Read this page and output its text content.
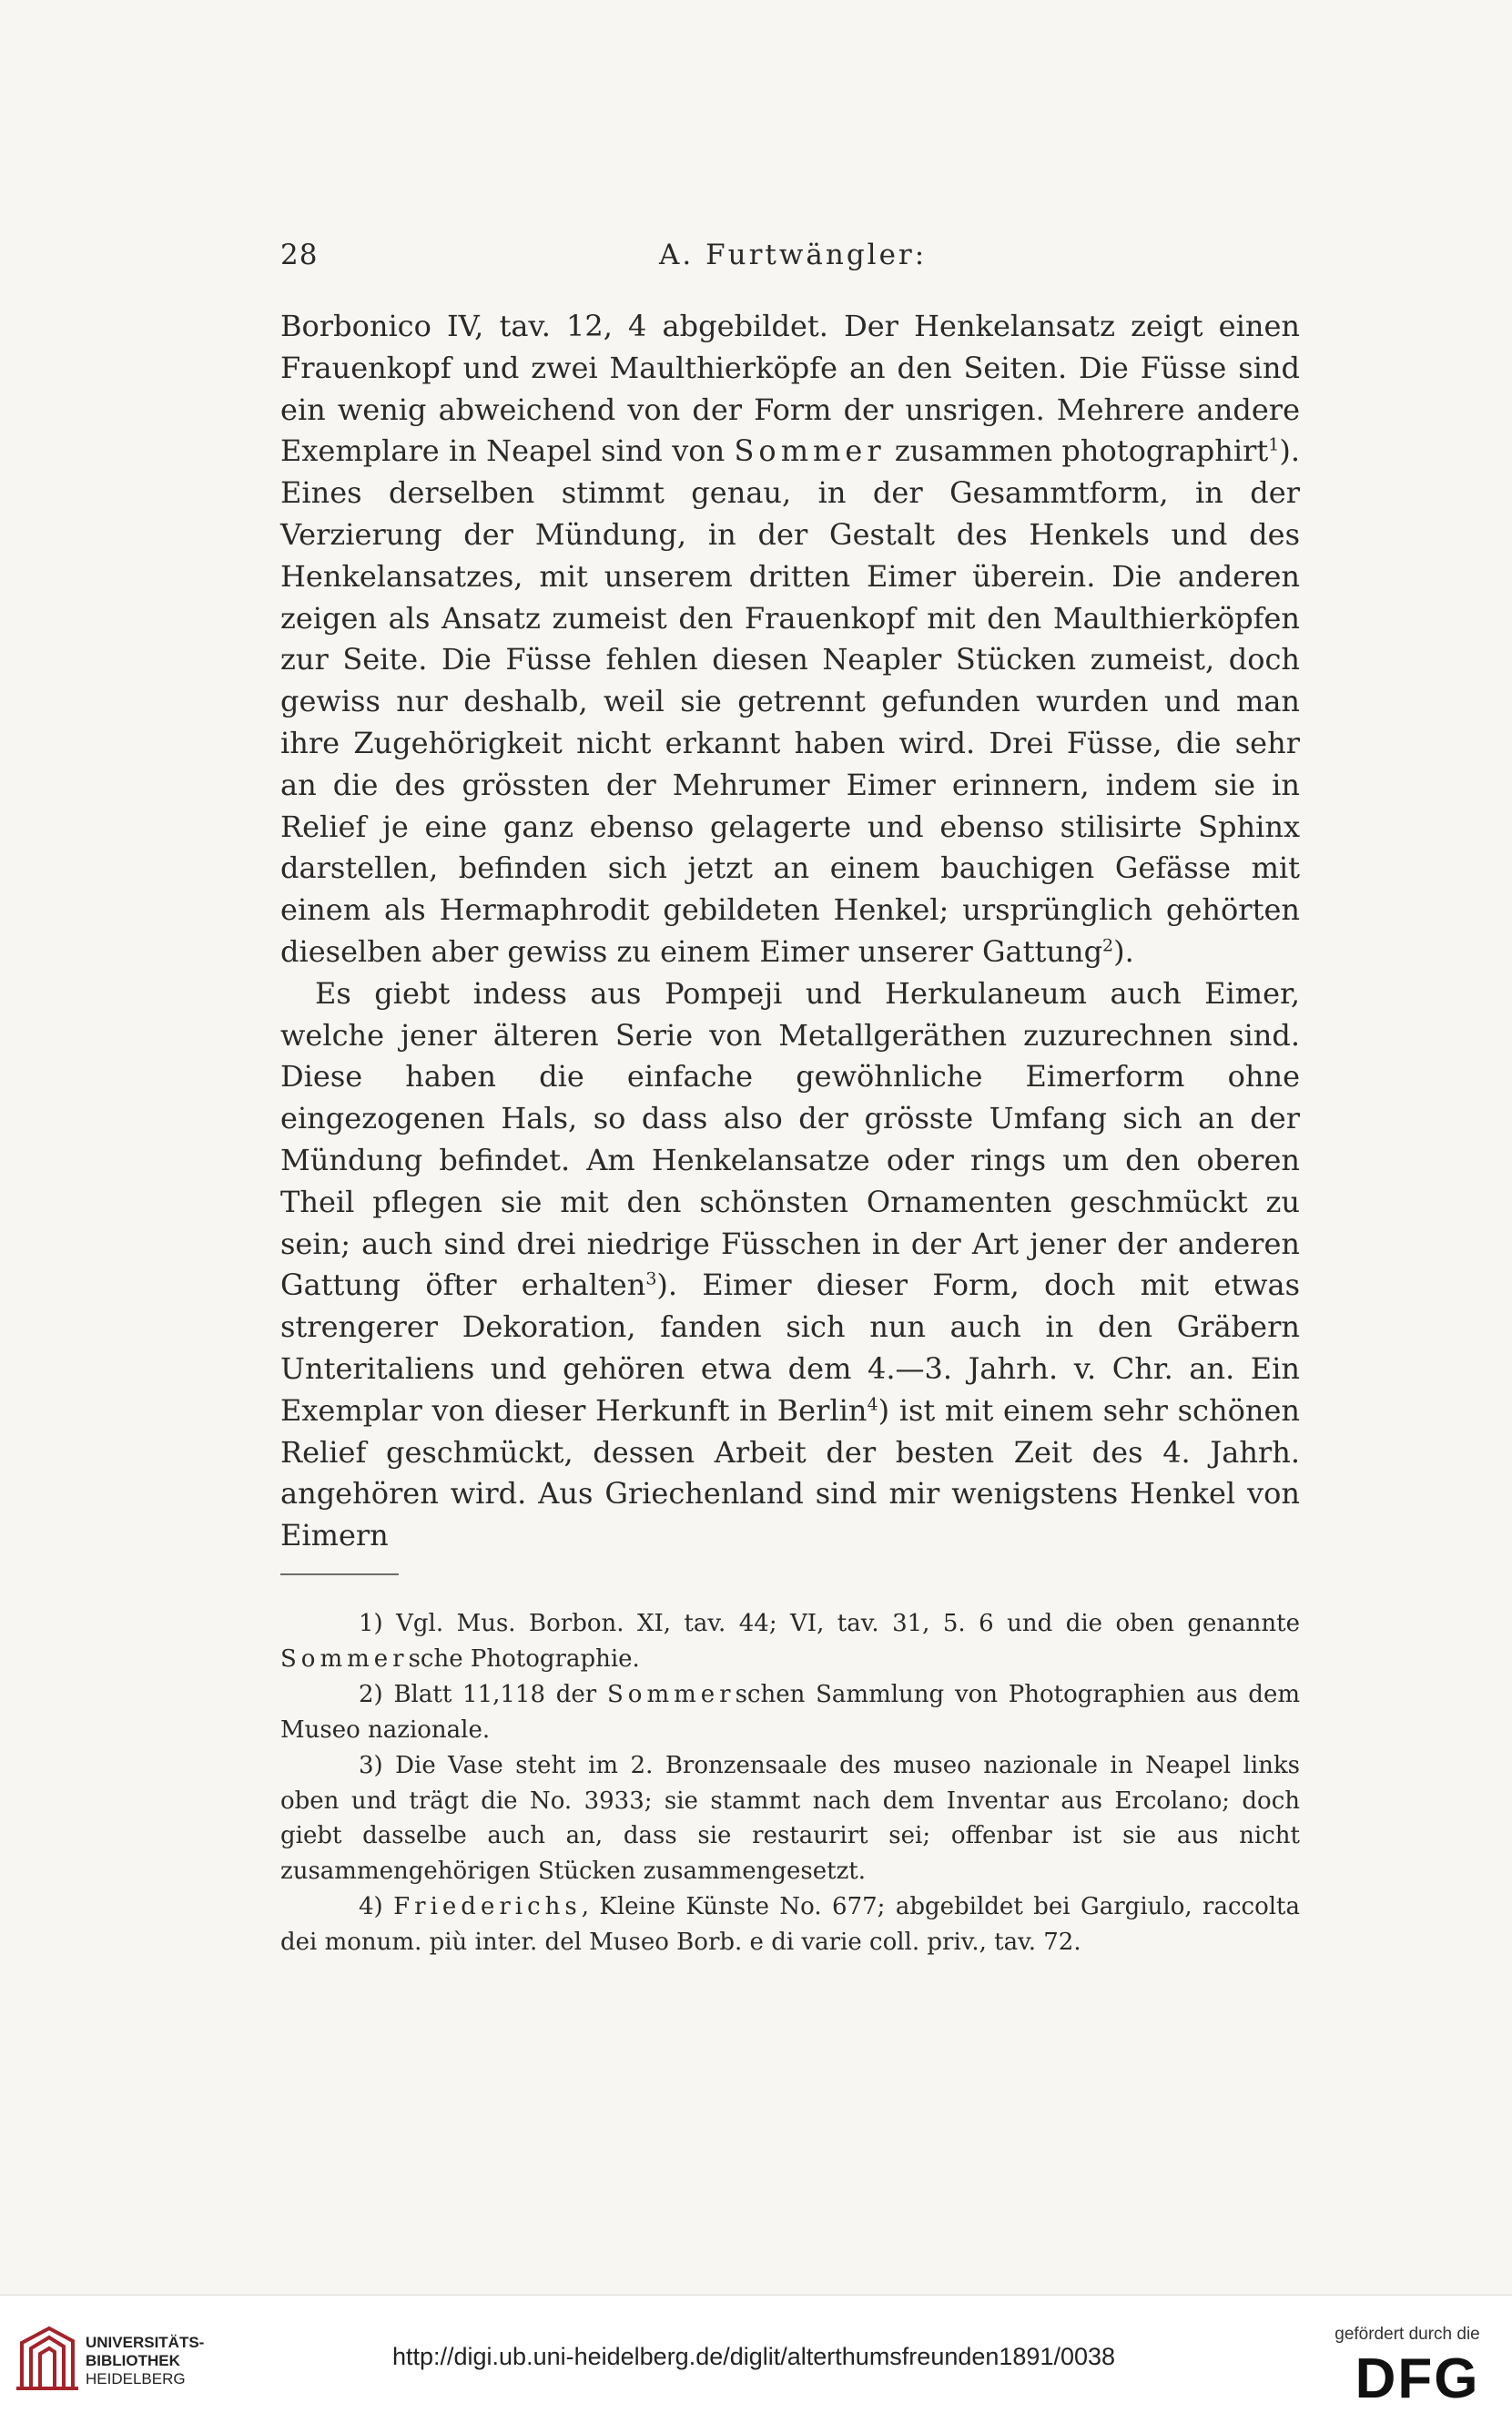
28	A. Furtwängler:

Borbonico IV, tav. 12, 4 abgebildet. Der Henkelansatz zeigt einen Frauenkopf und zwei Maulthierköpfe an den Seiten. Die Füsse sind ein wenig abweichend von der Form der unsrigen. Mehrere andere Exemplare in Neapel sind von Sommer zusammen photographirt$^1$). Eines derselben stimmt genau, in der Gesammtform, in der Verzierung der Mündung, in der Gestalt des Henkels und des Henkelansatzes, mit unserem dritten Eimer überein. Die anderen zeigen als Ansatz zumeist den Frauenkopf mit den Maulthierköpfen zur Seite. Die Füsse fehlen diesen Neapler Stücken zumeist, doch gewiss nur deshalb, weil sie getrennt gefunden wurden und man ihre Zugehörigkeit nicht erkannt haben wird. Drei Füsse, die sehr an die des grössten der Mehrumer Eimer erinnern, indem sie in Relief je eine ganz ebenso gelagerte und ebenso stilisirte Sphinx darstellen, befinden sich jetzt an einem bauchigen Gefässe mit einem als Hermaphrodit gebildeten Henkel; ursprünglich gehörten dieselben aber gewiss zu einem Eimer unserer Gattung$^2$).

Es giebt indess aus Pompeji und Herkulaneum auch Eimer, welche jener älteren Serie von Metallgeräthen zuzurechnen sind. Diese haben die einfache gewöhnliche Eimerform ohne eingezogenen Hals, so dass also der grösste Umfang sich an der Mündung befindet. Am Henkelansatze oder rings um den oberen Theil pflegen sie mit den schönsten Ornamenten geschmückt zu sein; auch sind drei niedrige Füsschen in der Art jener der anderen Gattung öfter erhalten$^3$). Eimer dieser Form, doch mit etwas strengerer Dekoration, fanden sich nun auch in den Gräbern Unteritaliens und gehören etwa dem 4.—3. Jahrh. v. Chr. an. Ein Exemplar von dieser Herkunft in Berlin$^4$) ist mit einem sehr schönen Relief geschmückt, dessen Arbeit der besten Zeit des 4. Jahrh. angehören wird. Aus Griechenland sind mir wenigstens Henkel von Eimern

1) Vgl. Mus. Borbon. XI, tav. 44; VI, tav. 31, 5. 6 und die oben genannte Sommersche Photographie.

2) Blatt 11,118 der Sommerschen Sammlung von Photographien aus dem Museo nazionale.

3) Die Vase steht im 2. Bronzensaale des museo nazionale in Neapel links oben und trägt die No. 3933; sie stammt nach dem Inventar aus Ercolano; doch giebt dasselbe auch an, dass sie restaurirt sei; offenbar ist sie aus nicht zusammengehörigen Stücken zusammengesetzt.

4) Friederichs, Kleine Künste No. 677; abgebildet bei Gargiulo, raccolta dei monum. più inter. del Museo Borb. e di varie coll. priv., tav. 72.

UNIVERSITÄTS-
BIBLIOTHEK
HEIDELBERG
http://digi.ub.uni-heidelberg.de/diglit/alterthumsfreunden1891/0038
gefördert durch die
DFG
